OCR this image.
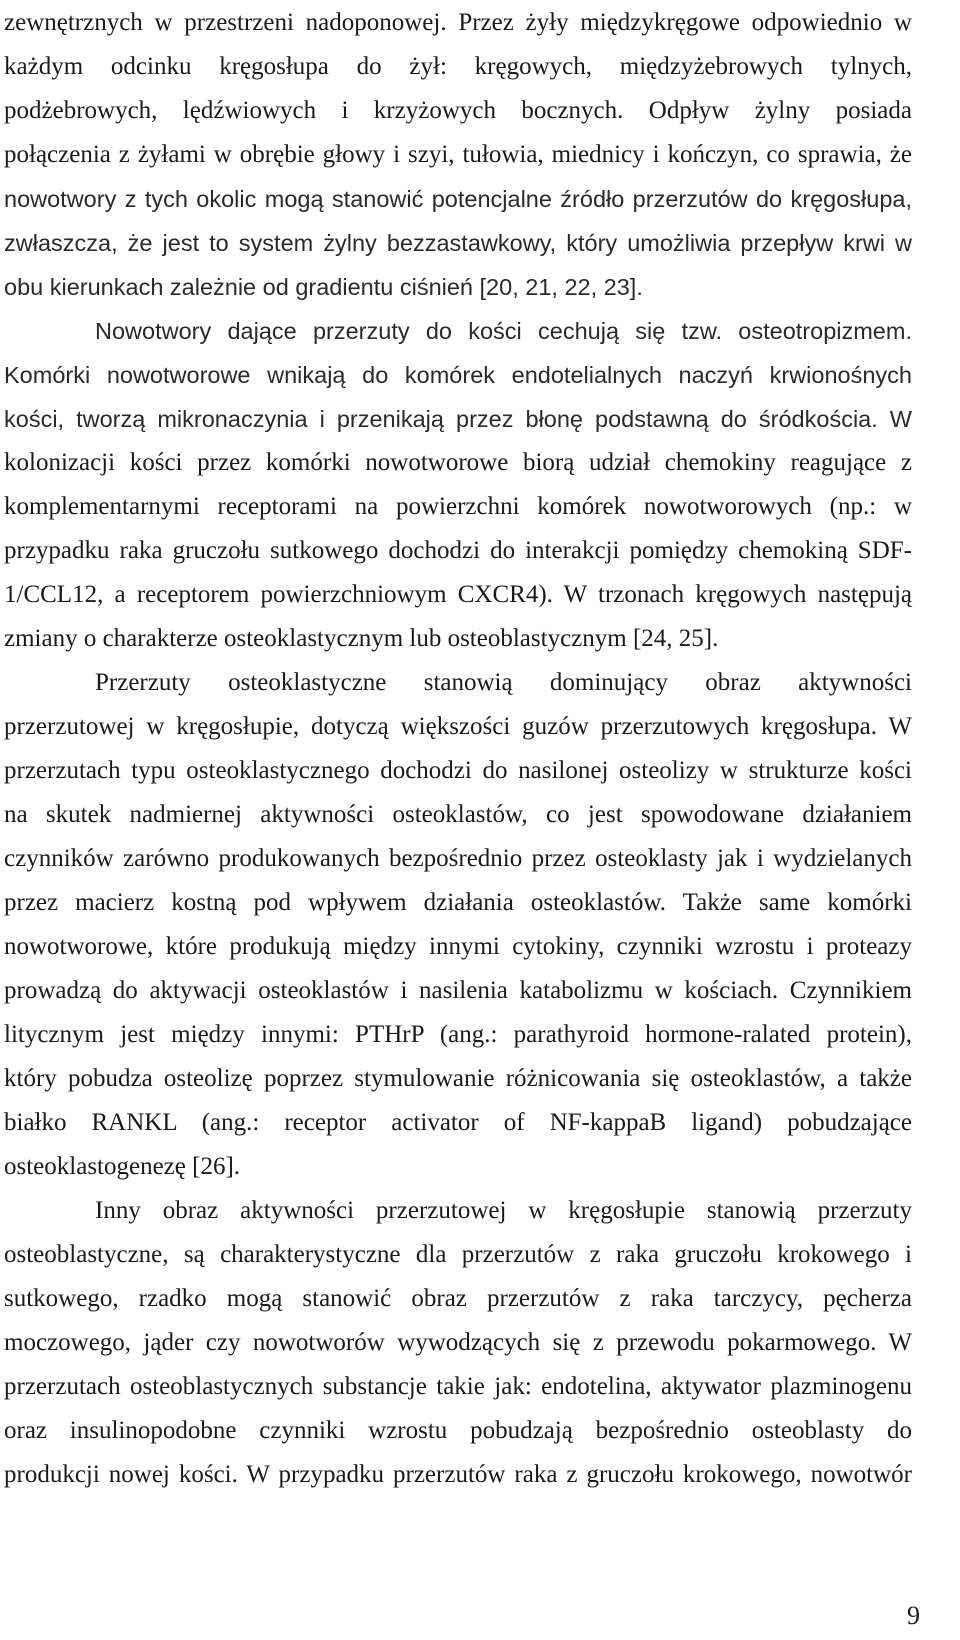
zewnętrznych w przestrzeni nadoponowej. Przez żyły międzykręgowe odpowiednio w
każdym odcinku kręgosłupa do żył: kręgowych, międzyżebrowych tylnych,
podżebrowych, lędźwiowych i krzyżowych bocznych. Odpływ żylny posiada
połączenia z żyłami w obrębie głowy i szyi, tułowia, miednicy i kończyn, co sprawia, że
nowotwory z tych okolic mogą stanowić potencjalne źródło przerzutów do kręgosłupa,
zwłaszcza, że jest to system żylny bezzastawkowy, który umożliwia przepływ krwi w
obu kierunkach zależnie od gradientu ciśnień [20, 21, 22, 23].
Nowotwory dające przerzuty do kości cechują się tzw. osteotropizmem.
Komórki nowotworowe wnikają do komórek endotelialnych naczyń krwionośnych
kości, tworzą mikronaczynia i przenikają przez błonę podstawną do śródkościa. W
kolonizacji kości przez komórki nowotworowe biorą udział chemokiny reagujące z
komplementarnymi receptorami na powierzchni komórek nowotworowych (np.: w
przypadku raka gruczołu sutkowego dochodzi do interakcji pomiędzy chemokiną SDF-
1/CCL12, a receptorem powierzchniowym CXCR4). W trzonach kręgowych następują
zmiany o charakterze osteoklastycznym lub osteoblastycznym [24, 25].
Przerzuty osteoklastyczne stanowią dominujący obraz aktywności
przerzutowej w kręgosłupie, dotyczą większości guzów przerzutowych kręgosłupa. W
przerzutach typu osteoklastycznego dochodzi do nasilonej osteolizy w strukturze kości
na skutek nadmiernej aktywności osteoklastów, co jest spowodowane działaniem
czynników zarówno produkowanych bezpośrednio przez osteoklasty jak i wydzielanych
przez macierz kostną pod wpływem działania osteoklastów. Także same komórki
nowotworowe, które produkują między innymi cytokiny, czynniki wzrostu i proteazy
prowadzą do aktywacji osteoklastów i nasilenia katabolizmu w kościach. Czynnikiem
litycznym jest między innymi: PTHrP (ang.: parathyroid hormone-ralated protein),
który pobudza osteolizę poprzez stymulowanie różnicowania się osteoklastów, a także
białko RANKL (ang.: receptor activator of NF-kappaB ligand) pobudzające
osteoklastogenezę [26].
Inny obraz aktywności przerzutowej w kręgosłupie stanowią przerzuty
osteoblastyczne, są charakterystyczne dla przerzutów z raka gruczołu krokowego i
sutkowego, rzadko mogą stanowić obraz przerzutów z raka tarczycy, pęcherza
moczowego, jąder czy nowotworów wywodzących się z przewodu pokarmowego. W
przerzutach osteoblastycznych substancje takie jak: endotelina, aktywator plazminogenu
oraz insulinopodobne czynniki wzrostu pobudzają bezpośrednio osteoblasty do
produkcji nowej kości. W przypadku przerzutów raka z gruczołu krokowego, nowotwór
9
